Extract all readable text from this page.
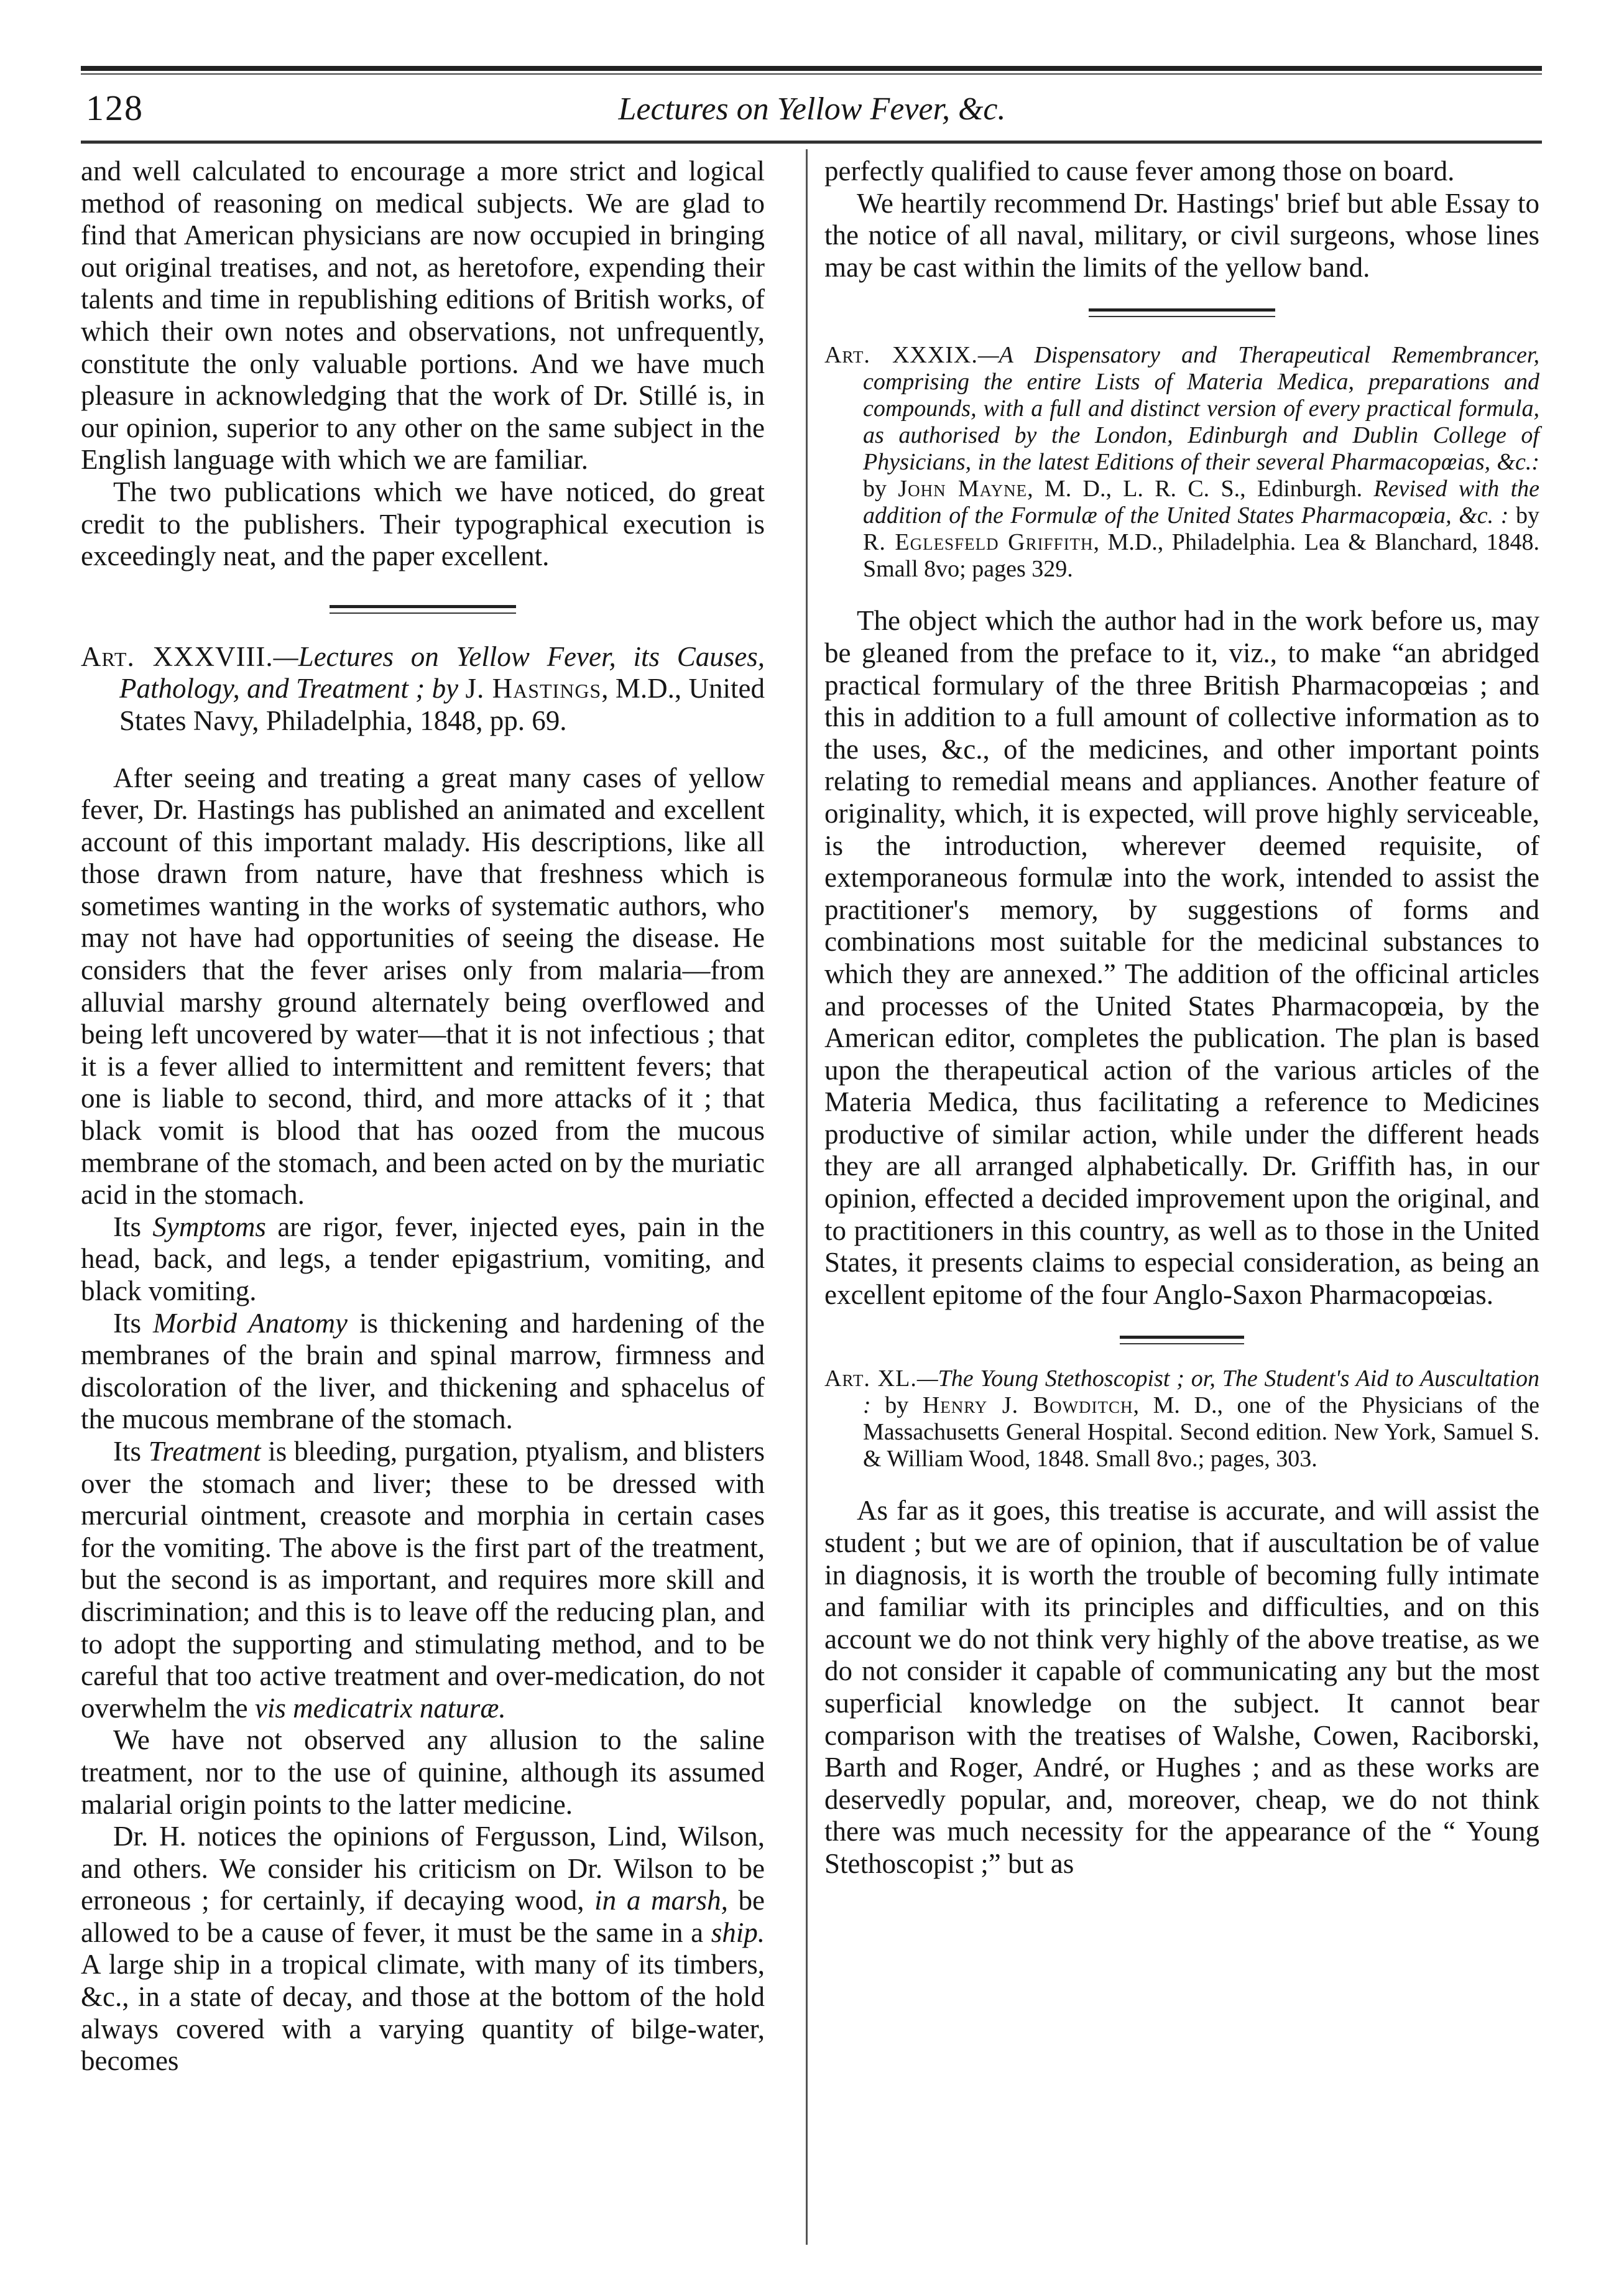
128	Lectures on Yellow Fever, &c.

and well calculated to encourage a more strict and logical method of reasoning on medical subjects. We are glad to find that American physicians are now occupied in bringing out original treatises, and not, as heretofore, expending their talents and time in republishing editions of British works, of which their own notes and observations, not unfrequently, constitute the only valuable portions. And we have much pleasure in acknowledging that the work of Dr. Stillé is, in our opinion, superior to any other on the same subject in the English language with which we are familiar.

The two publications which we have noticed, do great credit to the publishers. Their typographical execution is exceedingly neat, and the paper excellent.

Art. XXXVIII.—Lectures on Yellow Fever, its Causes, Pathology, and Treatment ; by J. Hastings, M.D., United States Navy, Philadelphia, 1848, pp. 69.

After seeing and treating a great many cases of yellow fever, Dr. Hastings has published an animated and excellent account of this important malady. His descriptions, like all those drawn from nature, have that freshness which is sometimes wanting in the works of systematic authors, who may not have had opportunities of seeing the disease. He considers that the fever arises only from malaria—from alluvial marshy ground alternately being overflowed and being left uncovered by water—that it is not infectious ; that it is a fever allied to intermittent and remittent fevers; that one is liable to second, third, and more attacks of it ; that black vomit is blood that has oozed from the mucous membrane of the stomach, and been acted on by the muriatic acid in the stomach.

Its Symptoms are rigor, fever, injected eyes, pain in the head, back, and legs, a tender epigastrium, vomiting, and black vomiting.

Its Morbid Anatomy is thickening and hardening of the membranes of the brain and spinal marrow, firmness and discoloration of the liver, and thickening and sphacelus of the mucous membrane of the stomach.

Its Treatment is bleeding, purgation, ptyalism, and blisters over the stomach and liver; these to be dressed with mercurial ointment, creasote and morphia in certain cases for the vomiting. The above is the first part of the treatment, but the second is as important, and requires more skill and discrimination; and this is to leave off the reducing plan, and to adopt the supporting and stimulating method, and to be careful that too active treatment and over-medication, do not overwhelm the vis medicatrix naturæ.

We have not observed any allusion to the saline treatment, nor to the use of quinine, although its assumed malarial origin points to the latter medicine.

Dr. H. notices the opinions of Fergusson, Lind, Wilson, and others. We consider his criticism on Dr. Wilson to be erroneous ; for certainly, if decaying wood, in a marsh, be allowed to be a cause of fever, it must be the same in a ship. A large ship in a tropical climate, with many of its timbers, &c., in a state of decay, and those at the bottom of the hold always covered with a varying quantity of bilge-water, becomes

perfectly qualified to cause fever among those on board.

We heartily recommend Dr. Hastings' brief but able Essay to the notice of all naval, military, or civil surgeons, whose lines may be cast within the limits of the yellow band.

Art. XXXIX.—A Dispensatory and Therapeutical Remembrancer, comprising the entire Lists of Materia Medica, preparations and compounds, with a full and distinct version of every practical formula, as authorised by the London, Edinburgh and Dublin College of Physicians, in the latest Editions of their several Pharmacopœias, &c.: by John Mayne, M. D., L. R. C. S., Edinburgh. Revised with the addition of the Formulæ of the United States Pharmacopœia, &c. : by R. Eglesfeld Griffith, M.D., Philadelphia. Lea & Blanchard, 1848. Small 8vo; pages 329.

The object which the author had in the work before us, may be gleaned from the preface to it, viz., to make “an abridged practical formulary of the three British Pharmacopœias ; and this in addition to a full amount of collective information as to the uses, &c., of the medicines, and other important points relating to remedial means and appliances. Another feature of originality, which, it is expected, will prove highly serviceable, is the introduction, wherever deemed requisite, of extemporaneous formulæ into the work, intended to assist the practitioner's memory, by suggestions of forms and combinations most suitable for the medicinal substances to which they are annexed.” The addition of the officinal articles and processes of the United States Pharmacopœia, by the American editor, completes the publication. The plan is based upon the therapeutical action of the various articles of the Materia Medica, thus facilitating a reference to Medicines productive of similar action, while under the different heads they are all arranged alphabetically. Dr. Griffith has, in our opinion, effected a decided improvement upon the original, and to practitioners in this country, as well as to those in the United States, it presents claims to especial consideration, as being an excellent epitome of the four Anglo-Saxon Pharmacopœias.

Art. XL.—The Young Stethoscopist ; or, The Student's Aid to Auscultation : by Henry J. Bowditch, M. D., one of the Physicians of the Massachusetts General Hospital. Second edition. New York, Samuel S. & William Wood, 1848. Small 8vo.; pages, 303.

As far as it goes, this treatise is accurate, and will assist the student ; but we are of opinion, that if auscultation be of value in diagnosis, it is worth the trouble of becoming fully intimate and familiar with its principles and difficulties, and on this account we do not think very highly of the above treatise, as we do not consider it capable of communicating any but the most superficial knowledge on the subject. It cannot bear comparison with the treatises of Walshe, Cowen, Raciborski, Barth and Roger, André, or Hughes ; and as these works are deservedly popular, and, moreover, cheap, we do not think there was much necessity for the appearance of the “ Young Stethoscopist ;” but as
